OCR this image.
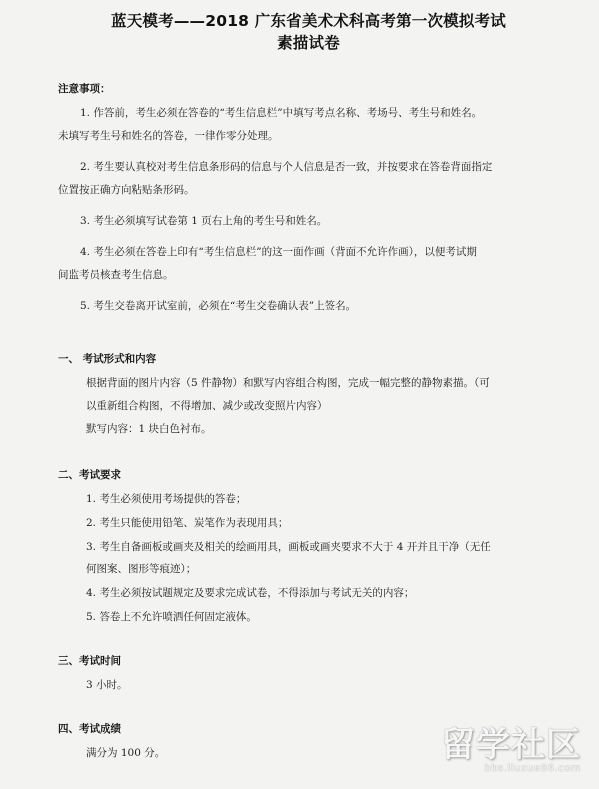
蓝天模考——2018 广东省美术术科高考第一次模拟考试
素描试卷
注意事项：

1. 作答前，考生必须在答卷的“考生信息栏”中填写考点名称、考场号、考生号和姓名。

未填写考生号和姓名的答卷，一律作零分处理。

2. 考生要认真校对考生信息条形码的信息与个人信息是否一致，并按要求在答卷背面指定

位置按正确方向粘贴条形码。

3. 考生必须填写试卷第 1 页右上角的考生号和姓名。

4. 考生必须在答卷上印有“考生信息栏”的这一面作画（背面不允许作画），以便考试期

间监考员核查考生信息。

5. 考生交卷离开试室前，必须在“考生交卷确认表”上签名。

一、 考试形式和内容

根据背面的图片内容（5 件静物）和默写内容组合构图，完成一幅完整的静物素描。（可

以重新组合构图，不得增加、减少或改变照片内容）

默写内容：1 块白色衬布。

二、考试要求

1. 考生必须使用考场提供的答卷；

2. 考生只能使用铅笔、炭笔作为表现用具；

3. 考生自备画板或画夹及相关的绘画用具，画板或画夹要求不大于 4 开并且干净（无任

何图案、图形等痕迹）；

4. 考生必须按试题规定及要求完成试卷，不得添加与考试无关的内容；

5. 答卷上不允许喷洒任何固定液体。

三、考试时间

3 小时。

四、考试成绩

满分为 100 分。	留学社区
bbs.liuxue86.com
